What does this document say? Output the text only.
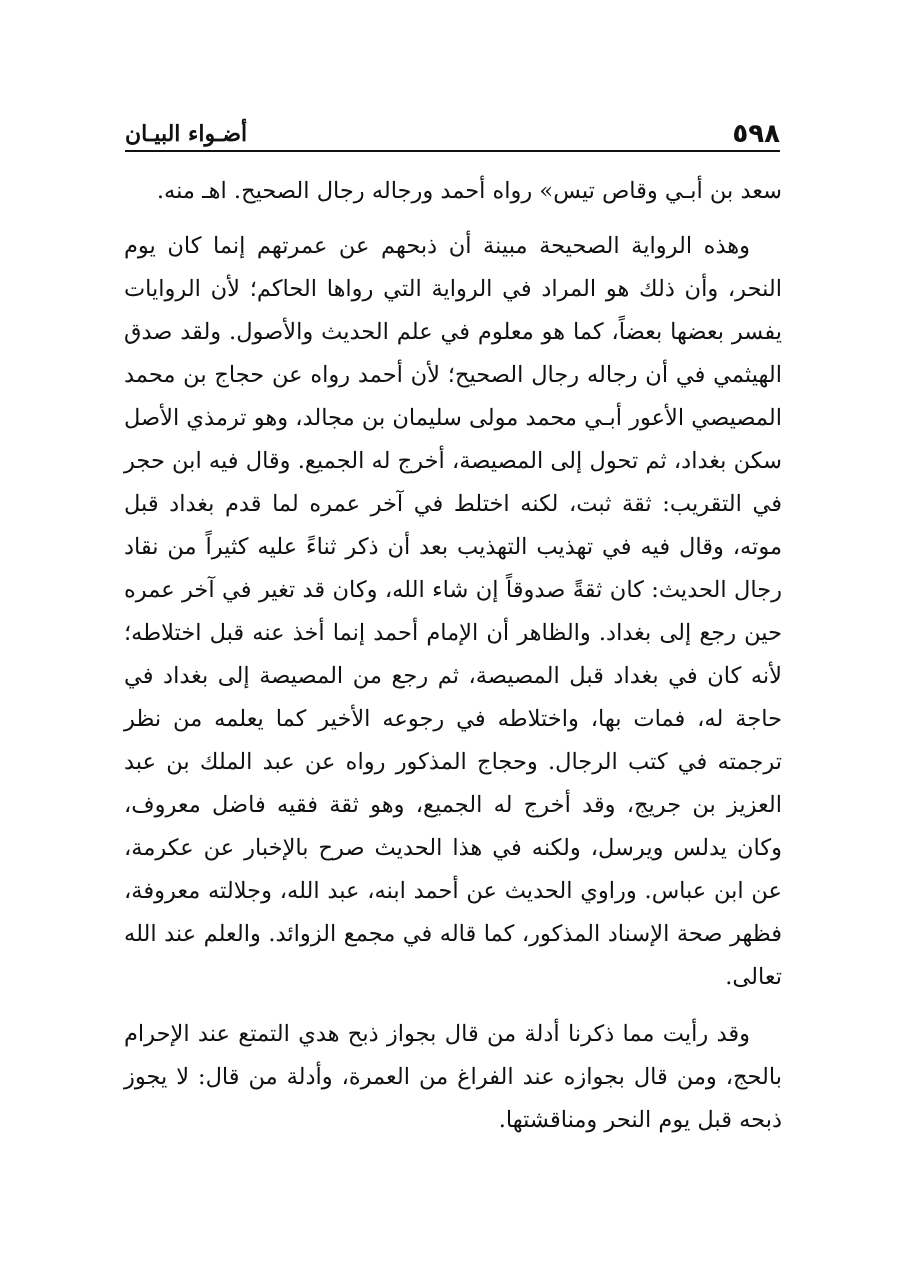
٥٩٨
أضـواء البيـان

سعد بن أبـي وقاص تيس» رواه أحمد ورجاله رجال الصحيح. اهـ منه.

وهذه الرواية الصحيحة مبينة أن ذبحهم عن عمرتهم إنما كان يوم النحر، وأن ذلك هو المراد في الرواية التي رواها الحاكم؛ لأن الروايات يفسر بعضها بعضاً، كما هو معلوم في علم الحديث والأصول. ولقد صدق الهيثمي في أن رجاله رجال الصحيح؛ لأن أحمد رواه عن حجاج بن محمد المصيصي الأعور أبـي محمد مولى سليمان بن مجالد، وهو ترمذي الأصل سكن بغداد، ثم تحول إلى المصيصة، أخرج له الجميع. وقال فيه ابن حجر في التقريب: ثقة ثبت، لكنه اختلط في آخر عمره لما قدم بغداد قبل موته، وقال فيه في تهذيب التهذيب بعد أن ذكر ثناءً عليه كثيراً من نقاد رجال الحديث: كان ثقةً صدوقاً إن شاء الله، وكان قد تغير في آخر عمره حين رجع إلى بغداد. والظاهر أن الإمام أحمد إنما أخذ عنه قبل اختلاطه؛ لأنه كان في بغداد قبل المصيصة، ثم رجع من المصيصة إلى بغداد في حاجة له، فمات بها، واختلاطه في رجوعه الأخير كما يعلمه من نظر ترجمته في كتب الرجال. وحجاج المذكور رواه عن عبد الملك بن عبد العزيز بن جريج، وقد أخرج له الجميع، وهو ثقة فقيه فاضل معروف، وكان يدلس ويرسل، ولكنه في هذا الحديث صرح بالإخبار عن عكرمة، عن ابن عباس. وراوي الحديث عن أحمد ابنه، عبد الله، وجلالته معروفة، فظهر صحة الإسناد المذكور، كما قاله في مجمع الزوائد. والعلم عند الله تعالى.

وقد رأيت مما ذكرنا أدلة من قال بجواز ذبح هدي التمتع عند الإحرام بالحج، ومن قال بجوازه عند الفراغ من العمرة، وأدلة من قال: لا يجوز ذبحه قبل يوم النحر ومناقشتها.
